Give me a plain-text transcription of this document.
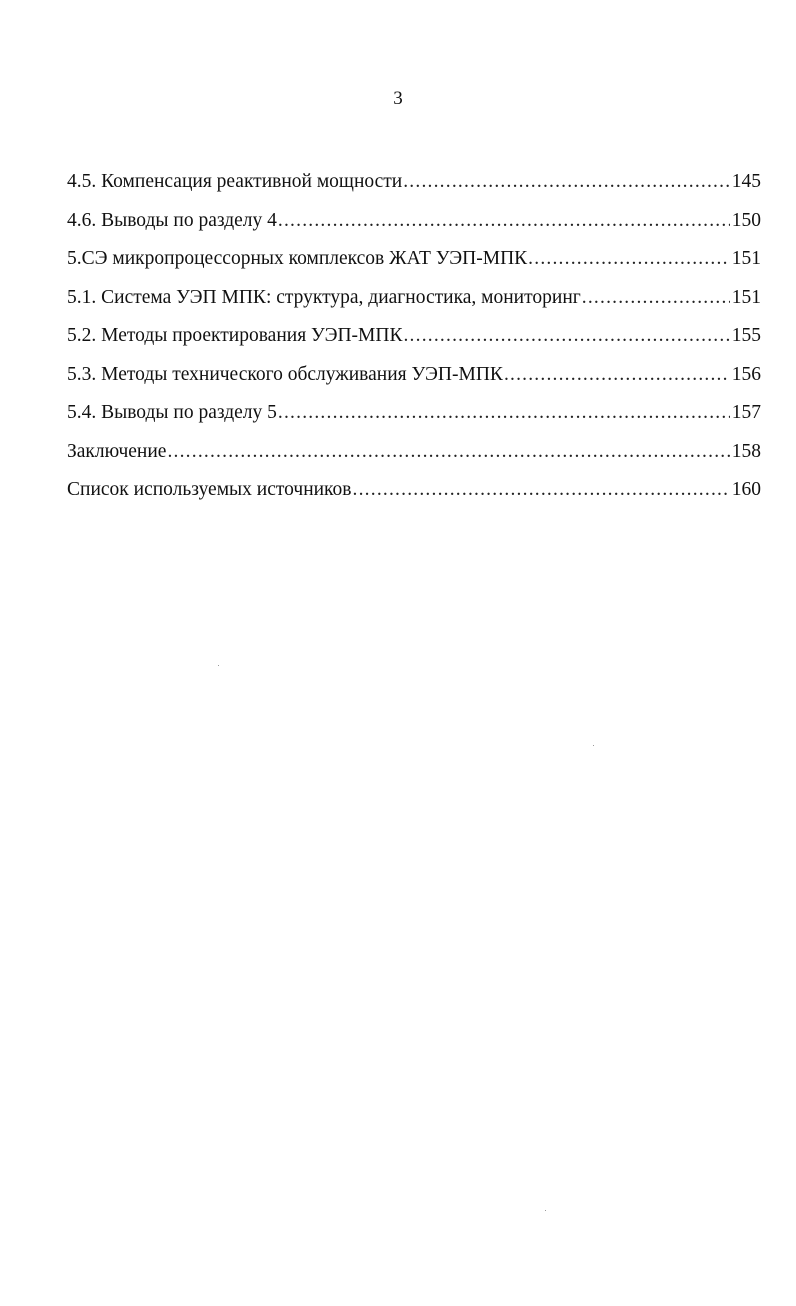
3
4.5. Компенсация реактивной мощности .....	145
4.6. Выводы по разделу 4 .....	150
5.СЭ микропроцессорных комплексов ЖАТ УЭП-МПК .....	151
5.1. Система УЭП МПК: структура, диагностика, мониторинг .....	151
5.2. Методы проектирования УЭП-МПК .....	155
5.3. Методы технического обслуживания УЭП-МПК .....	156
5.4. Выводы по разделу 5 .....	157
Заключение .....	158
Список используемых источников .....	160
